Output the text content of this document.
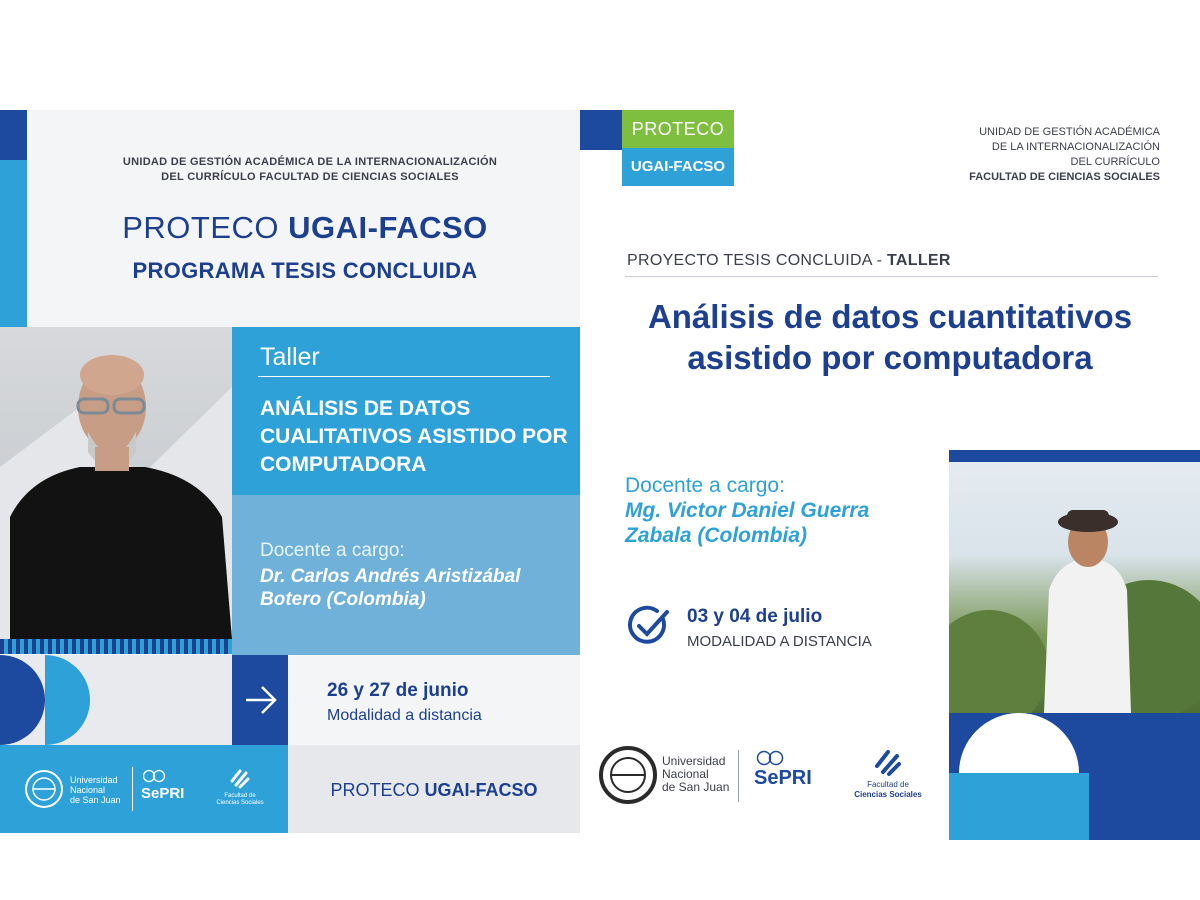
UNIDAD DE GESTIÓN ACADÉMICA DE LA INTERNACIONALIZACIÓN
DEL CURRÍCULO FACULTAD DE CIENCIAS SOCIALES
PROTECO UGAI-FACSO
PROGRAMA TESIS CONCLUIDA
Taller
ANÁLISIS DE DATOS CUALITATIVOS ASISTIDO POR COMPUTADORA
Docente a cargo:
Dr. Carlos Andrés Aristizábal Botero (Colombia)
26 y 27 de junio
Modalidad a distancia
Universidad
Nacional
de San Juan SePRI	Facultad de
Ciencias Sociales
PROTECO UGAI-FACSO
PROTECO
UGAI-FACSO
UNIDAD DE GESTIÓN ACADÉMICA
DE LA INTERNACIONALIZACIÓN
DEL CURRÍCULO
FACULTAD DE CIENCIAS SOCIALES
PROYECTO TESIS CONCLUIDA - TALLER
Análisis de datos cuantitativos asistido por computadora
Docente a cargo:
Mg. Victor Daniel Guerra Zabala (Colombia)
03 y 04 de julio
MODALIDAD A DISTANCIA
Universidad
Nacional
de San Juan SePRI	Facultad de
Ciencias Sociales
